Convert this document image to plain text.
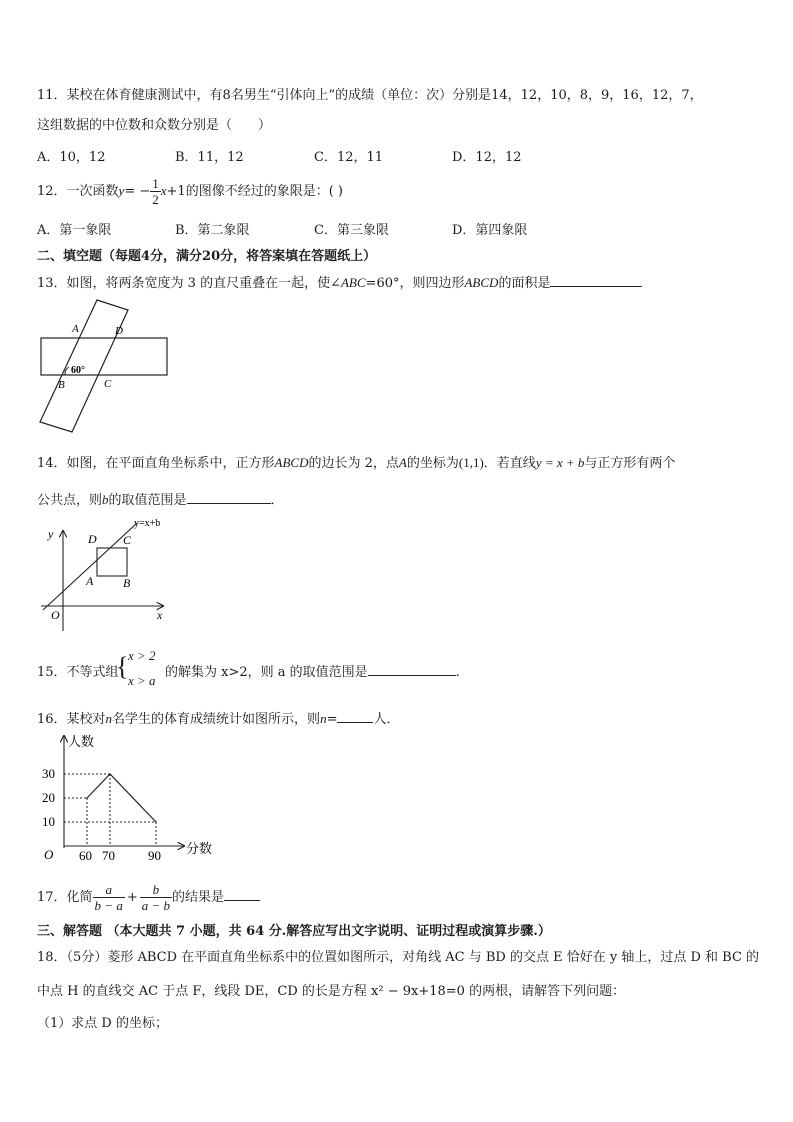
11．某校在体育健康测试中，有8名男生“引体向上”的成绩（单位：次）分别是14，12，10，8，9，16，12，7，
这组数据的中位数和众数分别是（　　）
A．10，12	B．11，12	C．12，11	D．12，12
12．一次函数$y= - \frac{1}{2} x+1$的图像不经过的象限是：( )
A．第一象限	B．第二象限	C．第三象限	D．第四象限
二、填空题（每题4分，满分20分，将答案填在答题纸上）
13．如图，将两条宽度为 3 的直尺重叠在一起，使∠ABC=60°，则四边形ABCD的面积是
A	D
B	C
60°
14．如图，在平面直角坐标系中，正方形ABCD的边长为 2，点A的坐标为(1,1)．若直线y = x + b与正方形有两个
公共点，则b的取值范围是	．
y
x
O
A B
C
D
y=x+b
15．不等式组
{ x > 2
x > a
的解集为 x>2，则 a 的取值范围是	.
16．某校对n名学生的体育成绩统计如图所示，则n=	人．
60 70	90
10
20
30
人数
分数
O
17．化简 $\frac{a}{b - a} + \frac{b}{a - b}$ 的结果是
三、解答题 （本大题共 7 小题，共 64 分.解答应写出文字说明、证明过程或演算步骤.）
18．（5分）菱形 ABCD 在平面直角坐标系中的位置如图所示，对角线 AC 与 BD 的交点 E 恰好在 y 轴上，过点 D 和 BC 的
中点 H 的直线交 AC 于点 F，线段 DE，CD 的长是方程 x² − 9x+18=0 的两根，请解答下列问题：
（1）求点 D 的坐标；
